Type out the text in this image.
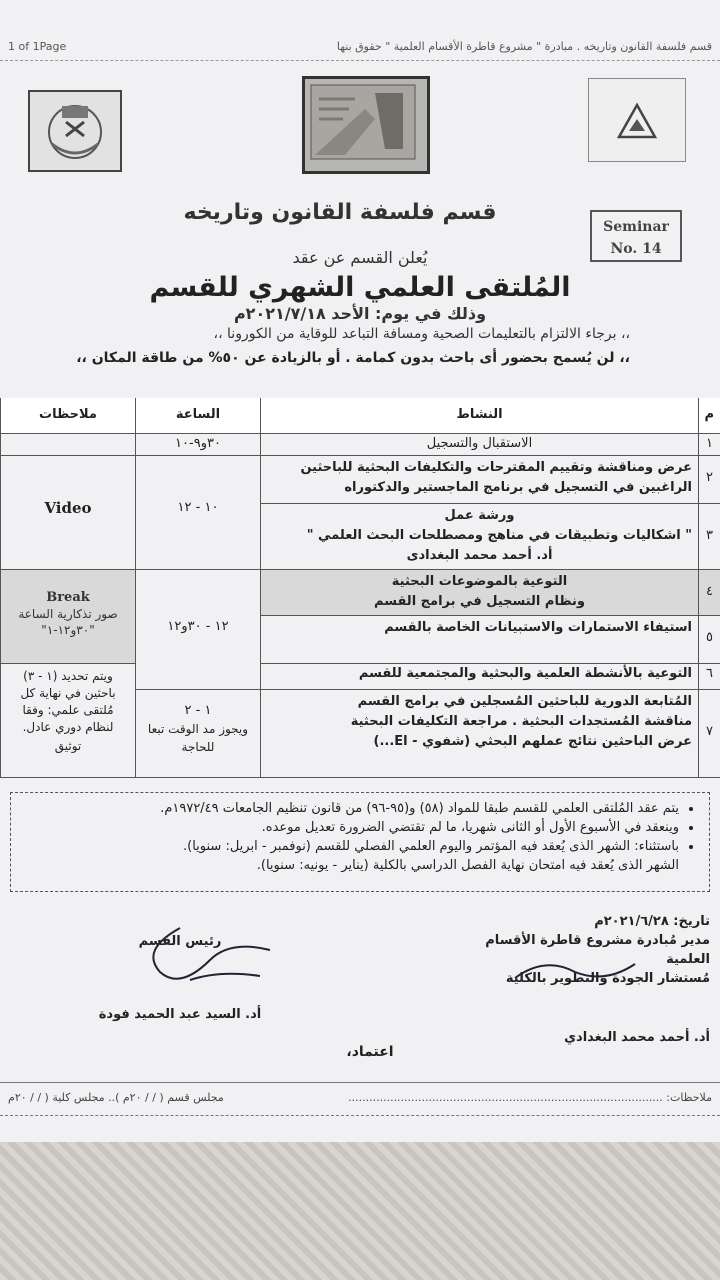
1 of 1Page	قسم فلسفة القانون وتاريخه . مبادرة " مشروع قاطرة الأقسام العلمية " حقوق بنها
Seminar
No. 14
قسم فلسفة القانون وتاريخه
يُعلن القسم عن عقد
المُلتقى العلمي الشهري للقسم
وذلك في يوم: الأحد ٢٠٢١/٧/١٨م
،، برجاء الالتزام بالتعليمات الصحية ومسافة التباعد للوقاية من الكورونا ،،
،، لن يُسمح بحضور أى باحث بدون كمامة . أو بالزيادة عن ٥٠% من طاقة المكان ،،
م
النشاط
الساعة
ملاحظات
١
الاستقبال والتسجيل
٣٠و٩-١٠
٢
عرض ومناقشة وتقييم المقترحات والتكليفات البحثية للباحثين الراغبين في التسجيل في برنامج الماجستير والدكتوراه
٣
ورشة عمل
" اشكاليات وتطبيقات في مناهج ومصطلحات البحث العلمي "
أد. أحمد محمد البغدادى
١٠ - ١٢
Video
٤
التوعية بالموضوعات البحثية
ونظام التسجيل في برامج القسم
٥
استيفاء الاستمارات والاستبيانات الخاصة بالقسم
٦
التوعية بالأنشطة العلمية والبحثية والمجتمعية للقسم
١٢ - ٣٠و١٢
Break
صور تذكارية الساعة "٣٠و١٢-١"
٧
المُتابعة الدورية للباحثين المُسجلين في برامج القسم
مناقشة المُستجدات البحثية . مراجعة التكليفات البحثية
عرض الباحثين نتائج عملهم البحثي (شفوي - El...)
١ - ٢
ويجوز مد الوقت تبعا للحاجة
ويتم تحديد (١ - ٣) باحثين في نهاية كل مُلتقى علمي: وفقا لنظام دوري عادل.
توثيق
• يتم عقد المُلتقى العلمي للقسم طبقا للمواد (٥٨) و(٩٥-٩٦) من قانون تنظيم الجامعات ١٩٧٢/٤٩م.
• وينعقد في الأسبوع الأول أو الثانى شهريا، ما لم تقتضي الضرورة تعديل موعده.
• باستثناء: الشهر الذى يُعقد فيه المؤتمر واليوم العلمي الفصلي للقسم (نوفمبر - ابريل: سنويا).
الشهر الذى يُعقد فيه امتحان نهاية الفصل الدراسي بالكلية (يناير - يونيه: سنويا).
رئيس القسم
أد. السيد عبد الحميد فودة
تاريخ: ٢٠٢١/٦/٢٨م
مدير مُبادرة مشروع قاطرة الأقسام العلمية
مُستشار الجودة والتطوير بالكلية
أد. أحمد محمد البغدادي
اعتماد،
ملاحظات: ..........................................................................................
مجلس قسم ( / / ٢٠م ).. مجلس كلية ( / / ٢٠م
